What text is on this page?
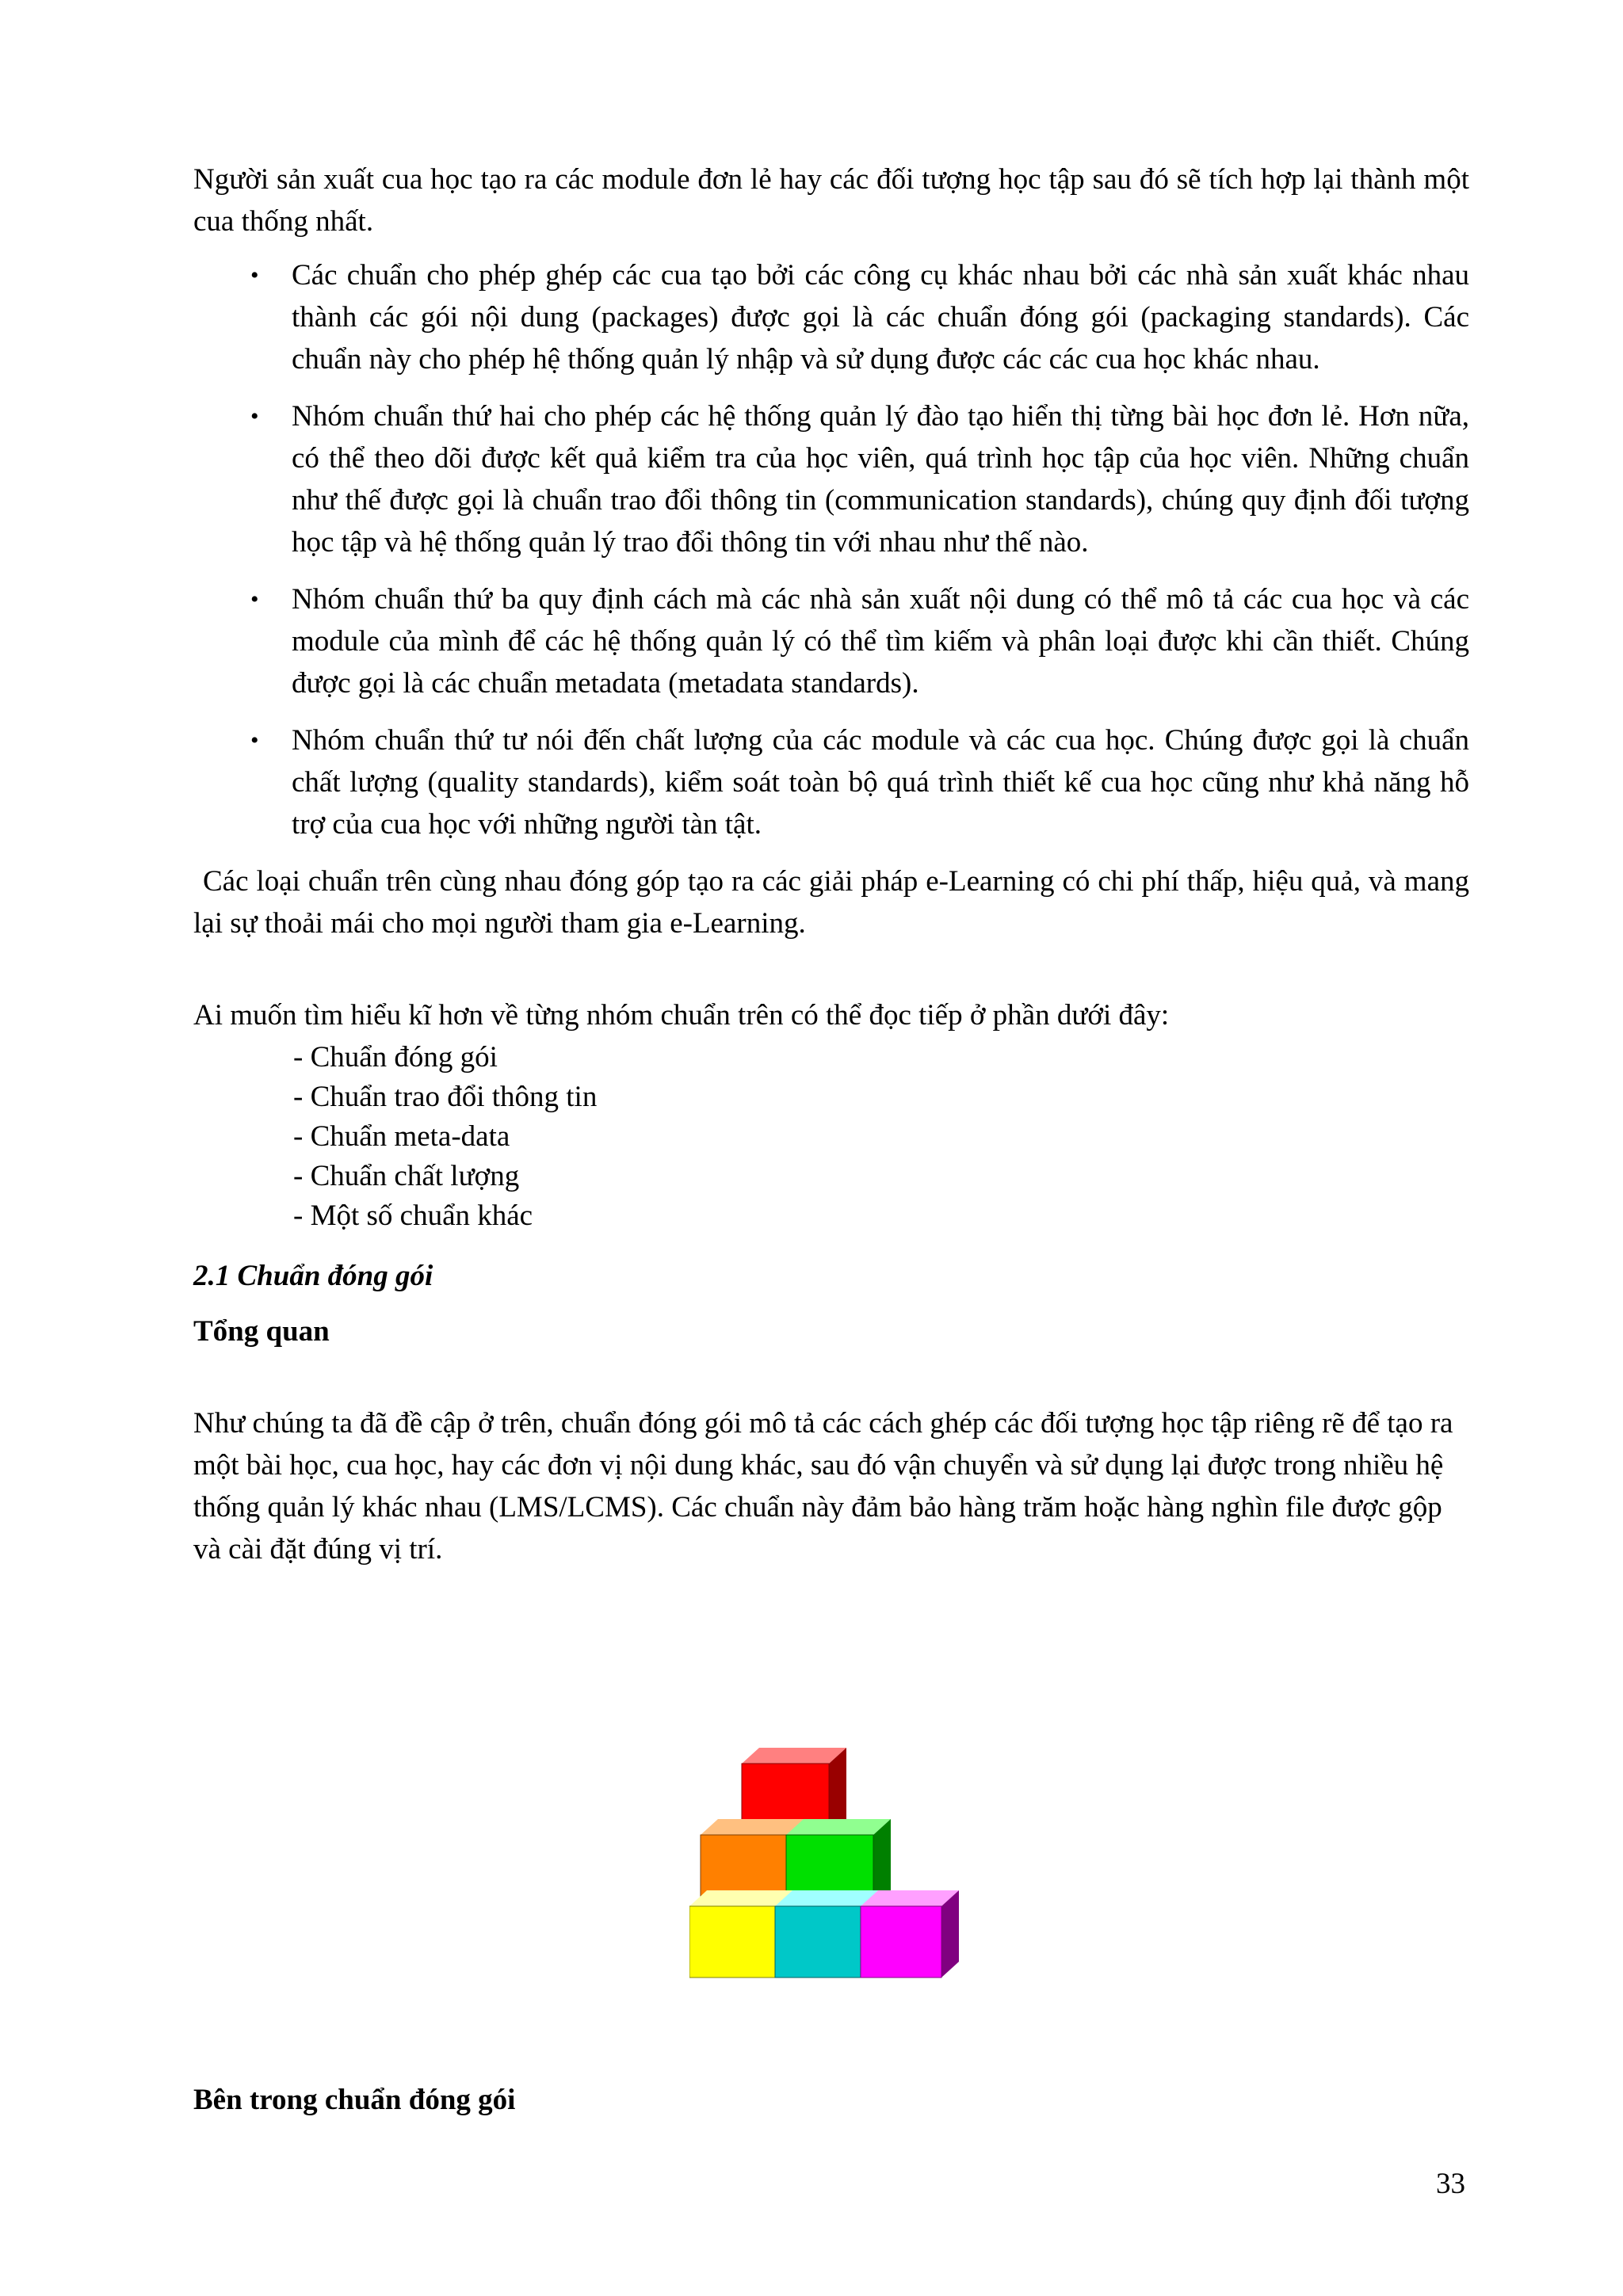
Người sản xuất cua học tạo ra các module đơn lẻ hay các đối tượng học tập sau đó sẽ tích hợp lại thành một cua thống nhất.

• Các chuẩn cho phép ghép các cua tạo bởi các công cụ khác nhau bởi các nhà sản xuất khác nhau thành các gói nội dung (packages) được gọi là các chuẩn đóng gói (packaging standards). Các chuẩn này cho phép hệ thống quản lý nhập và sử dụng được các các cua học khác nhau.
• Nhóm chuẩn thứ hai cho phép các hệ thống quản lý đào tạo hiển thị từng bài học đơn lẻ. Hơn nữa, có thể theo dõi được kết quả kiểm tra của học viên, quá trình học tập của học viên. Những chuẩn như thế được gọi là chuẩn trao đổi thông tin (communication standards), chúng quy định đối tượng học tập và hệ thống quản lý trao đổi thông tin với nhau như thế nào.
• Nhóm chuẩn thứ ba quy định cách mà các nhà sản xuất nội dung có thể mô tả các cua học và các module của mình để các hệ thống quản lý có thể tìm kiếm và phân loại được khi cần thiết. Chúng được gọi là các chuẩn metadata (metadata standards).
• Nhóm chuẩn thứ tư nói đến chất lượng của các module và các cua học. Chúng được gọi là chuẩn chất lượng (quality standards), kiểm soát toàn bộ quá trình thiết kế cua học cũng như khả năng hỗ trợ của cua học với những người tàn tật.

Các loại chuẩn trên cùng nhau đóng góp tạo ra các giải pháp e-Learning có chi phí thấp, hiệu quả, và mang lại sự thoải mái cho mọi người tham gia e-Learning.

Ai muốn tìm hiểu kĩ hơn về từng nhóm chuẩn trên có thể đọc tiếp ở phần dưới đây:

- Chuẩn đóng gói
- Chuẩn trao đổi thông tin
- Chuẩn meta-data
- Chuẩn chất lượng
- Một số chuẩn khác

2.1 Chuẩn đóng gói

Tổng quan

Như chúng ta đã đề cập ở trên, chuẩn đóng gói mô tả các cách ghép các đối tượng học tập riêng rẽ để tạo ra một bài học, cua học, hay các đơn vị nội dung khác, sau đó vận chuyển và sử dụng lại được trong nhiều hệ thống quản lý khác nhau (LMS/LCMS). Các chuẩn này đảm bảo hàng trăm hoặc hàng nghìn file được gộp và cài đặt đúng vị trí.

Bên trong chuẩn đóng gói
33
